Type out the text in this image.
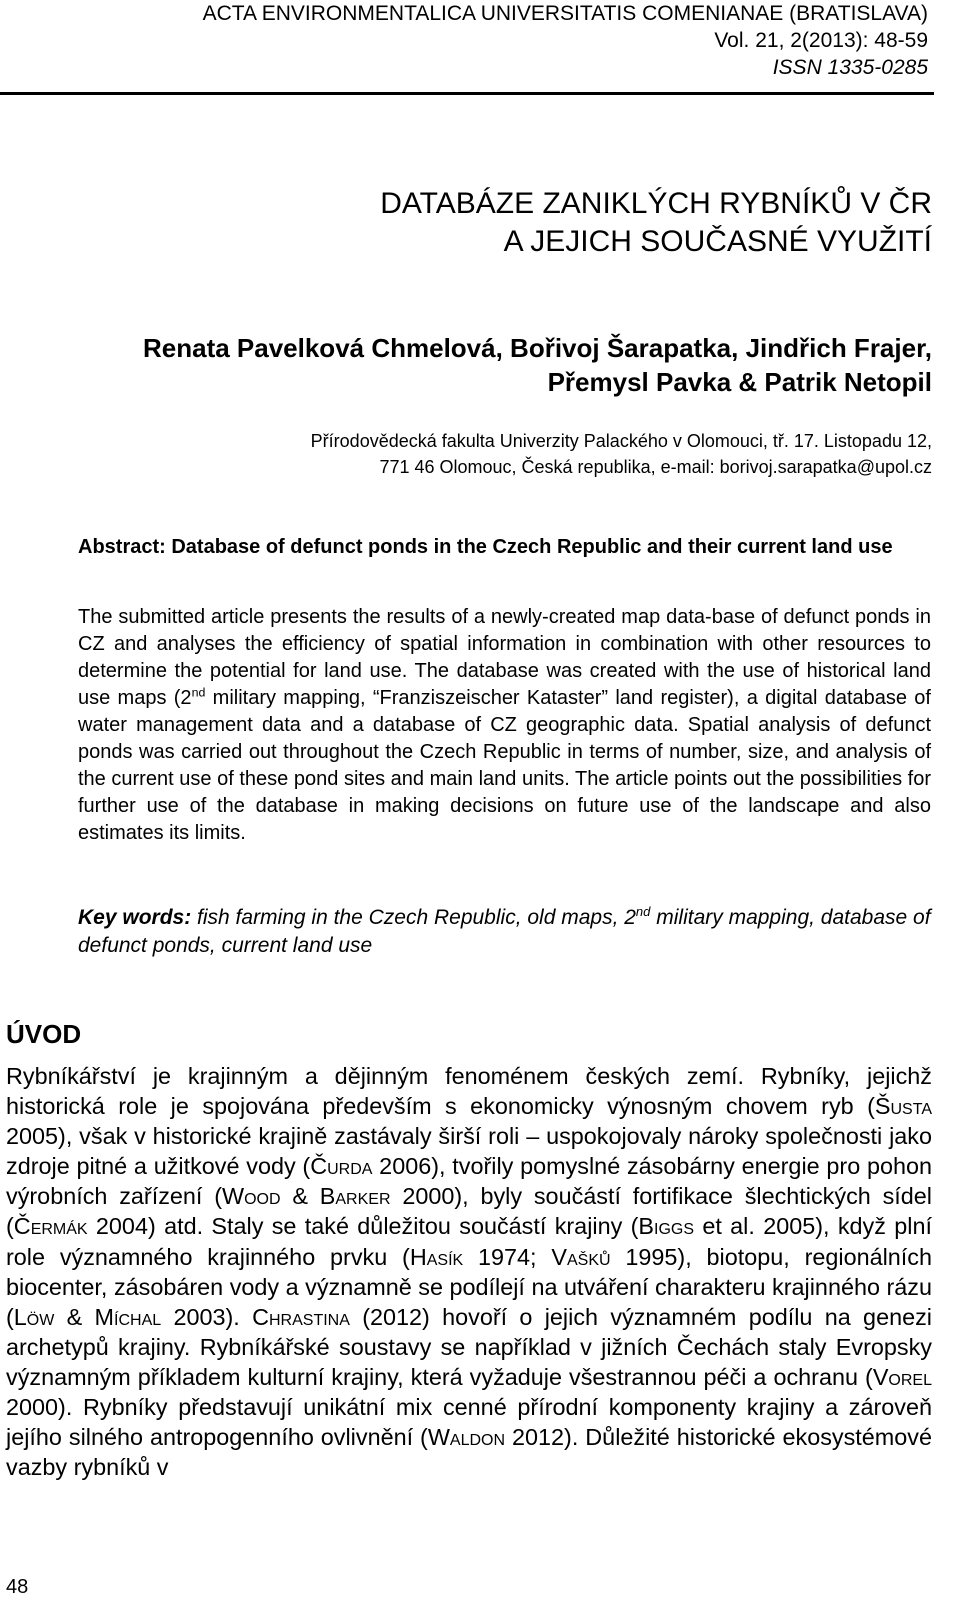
ACTA ENVIRONMENTALICA UNIVERSITATIS COMENIANAE (BRATISLAVA)
Vol. 21, 2(2013): 48-59
ISSN 1335-0285
DATABÁZE ZANIKLÝCH RYBNÍKŮ V ČR
A JEJICH SOUČASNÉ VYUŽITÍ
Renata Pavelková Chmelová, Bořivoj Šarapatka, Jindřich Frajer,
Přemysl Pavka & Patrik Netopil
Přírodovědecká fakulta Univerzity Palackého v Olomouci, tř. 17. Listopadu 12,
771 46 Olomouc, Česká republika, e-mail: borivoj.sarapatka@upol.cz
Abstract: Database of defunct ponds in the Czech Republic and their current land use
The submitted article presents the results of a newly-created map data-base of defunct ponds in CZ and analyses the efficiency of spatial information in combination with other resources to determine the potential for land use. The database was created with the use of historical land use maps (2nd military mapping, “Franziszeischer Kataster” land register), a digital database of water management data and a database of CZ geographic data. Spatial analysis of defunct ponds was carried out throughout the Czech Republic in terms of number, size, and analysis of the current use of these pond sites and main land units. The article points out the possibilities for further use of the database in making decisions on future use of the landscape and also estimates its limits.
Key words: fish farming in the Czech Republic, old maps, 2nd military mapping, database of defunct ponds, current land use
ÚVOD
Rybníkářství je krajinným a dějinným fenoménem českých zemí. Rybníky, jejichž historická role je spojována především s ekonomicky výnosným chovem ryb (Šusta 2005), však v historické krajině zastávaly širší roli – uspokojovaly nároky společnosti jako zdroje pitné a užitkové vody (Čurda 2006), tvořily pomyslné zásobárny energie pro pohon výrobních zařízení (Wood & Barker 2000), byly součástí fortifikace šlechtických sídel (Čermák 2004) atd. Staly se také důležitou součástí krajiny (Biggs et al. 2005), když plní role významného krajinného prvku (Hasík 1974; Vašků 1995), biotopu, regionálních biocenter, zásobáren vody a významně se podílejí na utváření charakteru krajinného rázu (Löw & Míchal 2003). Chrastina (2012) hovoří o jejich významném podílu na genezi archetypů krajiny. Rybníkářské soustavy se například v jižních Čechách staly Evropsky významným příkladem kulturní krajiny, která vyžaduje všestrannou péči a ochranu (Vorel 2000). Rybníky představují unikátní mix cenné přírodní komponenty krajiny a zároveň jejího silného antropogenního ovlivnění (Waldon 2012). Důležité historické ekosystémové vazby rybníků v
48
